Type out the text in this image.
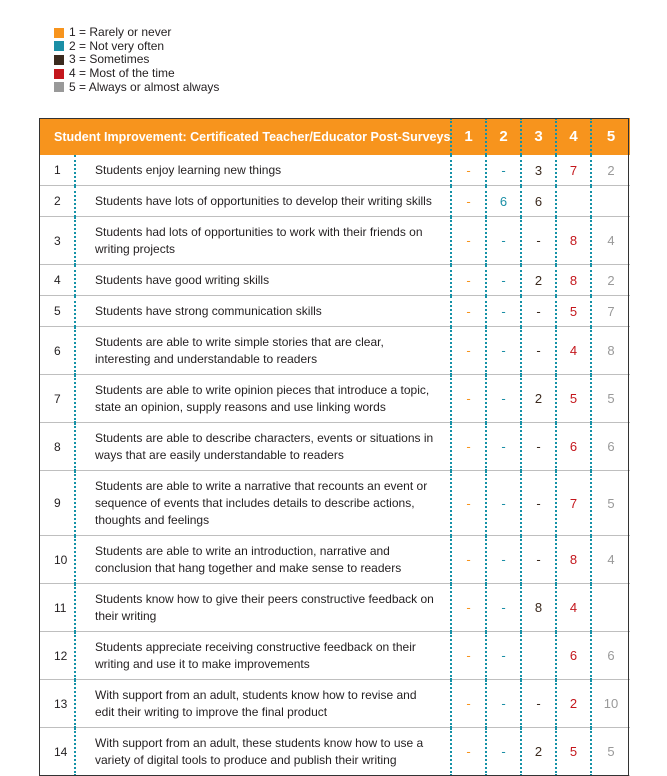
1 = Rarely or never
2 = Not very often
3 = Sometimes
4 = Most of the time
5 = Always or almost always
Student Improvement: Certificated Teacher/Educator Post-Surveys		1	2	3	4	5
1	Students enjoy learning new things	-	-	3	7	2
2	Students have lots of opportunities to develop their writing skills	-	6	6		
3	Students had lots of opportunities to work with their friends on writing projects	-	-	-	8	4
4	Students have good writing skills	-	-	2	8	2
5	Students have strong communication skills	-	-	-	5	7
6	Students are able to write simple stories that are clear, interesting and understandable to readers	-	-	-	4	8
7	Students are able to write opinion pieces that introduce a topic, state an opinion, supply reasons and use linking words	-	-	2	5	5
8	Students are able to describe characters, events or situations in ways that are easily understandable to readers	-	-	-	6	6
9	Students are able to write a narrative that recounts an event or sequence of events that includes details to describe actions, thoughts and feelings	-	-	-	7	5
10	Students are able to write an introduction, narrative and conclusion that hang together and make sense to readers	-	-	-	8	4
11	Students know how to give their peers constructive feedback on their writing	-	-	8	4	
12	Students appreciate receiving constructive feedback on their writing and use it to make improvements	-	-		6	6
13	With support from an adult, students know how to revise and edit their writing to improve the final product	-	-	-	2	10
14	With support from an adult, these students know how to use a variety of digital tools to produce and publish their writing	-	-	2	5	5
